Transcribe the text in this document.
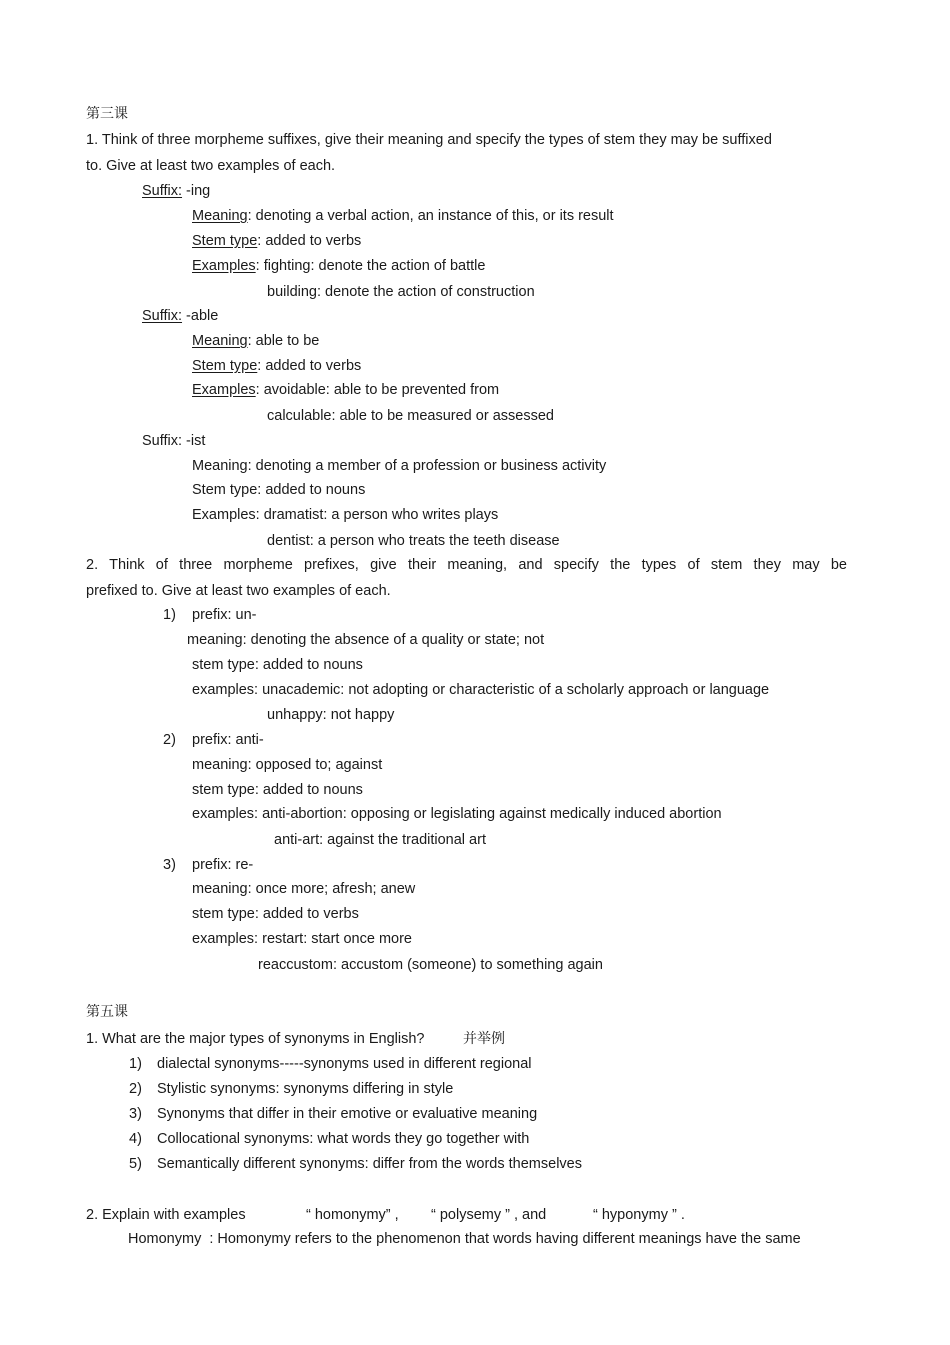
第三课
1. Think of three morpheme suffixes, give their meaning and specify the types of stem they may be suffixed
to. Give at least two examples of each.
Suffix: -ing
Meaning: denoting a verbal action, an instance of this, or its result
Stem type: added to verbs
Examples: fighting: denote the action of battle
building: denote the action of construction
Suffix: -able
Meaning: able to be
Stem type: added to verbs
Examples: avoidable: able to be prevented from
calculable: able to be measured or assessed
Suffix: -ist
Meaning: denoting a member of a profession or business activity
Stem type: added to nouns
Examples: dramatist: a person who writes plays
dentist: a person who treats the teeth disease
2. Think of three morpheme prefixes, give their meaning, and specify the types of stem they may be
prefixed to. Give at least two examples of each.
1) prefix: un-
meaning: denoting the absence of a quality or state; not
stem type: added to nouns
examples: unacademic: not adopting or characteristic of a scholarly approach or language
unhappy: not happy
2) prefix: anti-
meaning: opposed to; against
stem type: added to nouns
examples: anti-abortion: opposing or legislating against medically induced abortion
anti-art: against the traditional art
3) prefix: re-
meaning: once more; afresh; anew
stem type: added to verbs
examples: restart: start once more
reaccustom: accustom (someone) to something again
第五课
1. What are the major types of synonyms in English?	并举例
1) dialectal synonyms-----synonyms used in different regional
2) Stylistic synonyms: synonyms differing in style
3) Synonyms that differ in their emotive or evaluative meaning
4) Collocational synonyms: what words they go together with
5) Semantically different synonyms: differ from the words themselves
2. Explain with examples	“ homonymy” , “ polysemy ” , and	“ hyponymy ” .
Homonymy : Homonymy refers to the phenomenon that words having different meanings have the same
